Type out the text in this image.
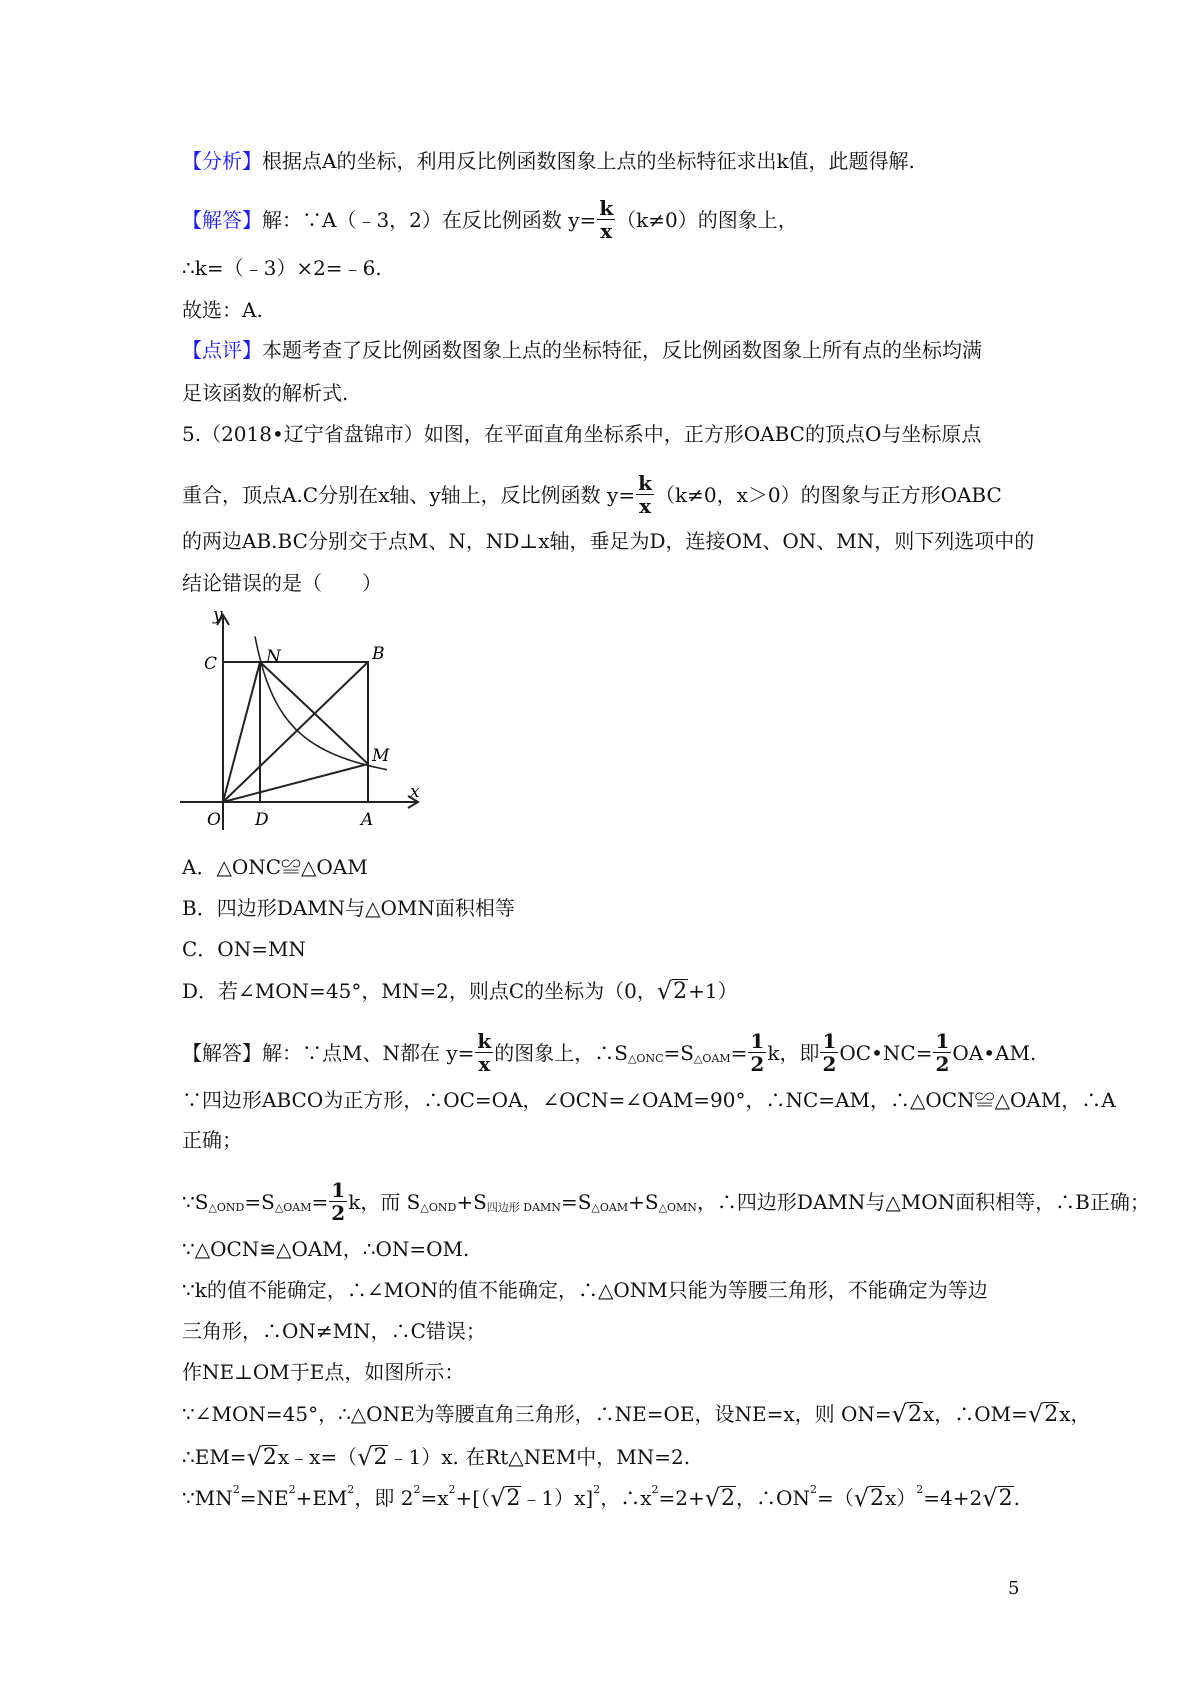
【分析】 根据点A的坐标，利用反比例函数图象上点的坐标特征求出k值，此题得解.
【解答】 解：∵A（﹣3，2）在反比例函数 $y= \frac{k}{x} (k\ne 0)$的图象上，
∴k=（﹣3）×2=﹣6.
故选：A.
【点评】 本题考查了反比例函数图象上点的坐标特征，反比例函数图象上所有点的坐标均满
足该函数的解析式.
5.（2018•辽宁省盘锦市）如图，在平面直角坐标系中，正方形OABC的顶点O与坐标原点
重合，顶点A.C分别在x轴、y轴上，反比例函数 $y= \frac{k}{x} (k\ne 0$，x＞0）的图象与正方形OABC
的两边AB.BC分别交于点M、N，ND⊥x轴，垂足为D，连接OM、ON、MN，则下列选项中的
结论错误的是（　　）
A．△ONC≌△OAM
B．四边形DAMN与△OMN面积相等
C．ON=MN
D．若∠MON=45°，MN=2，则点C的坐标为（0， √ 2 +1）
【解答】解：∵点M、N都在 $y= \frac{k}{x}$ 的图象上，∴S △ONC =S △OAM = $\frac{1}{2}$ k，即 $\frac{1}{2}$ OC•NC= $\frac{1}{2}$ OA•AM.
∵四边形ABCO为正方形，∴OC=OA，∠OCN=∠OAM=90°，∴NC=AM，∴△OCN≌△OAM，∴A
正确；
∵S △OND =S △OAM = $\frac{1}{2}$ k，而 S △OND +S 四边形 DAMN =S △OAM +S △OMN ，∴四边形DAMN与△MON面积相等，∴B正确；
∵△OCN≌△OAM，∴ON=OM.
∵k的值不能确定，∴∠MON的值不能确定，∴△ONM只能为等腰三角形，不能确定为等边
三角形，∴ON≠MN，∴C错误；
作NE⊥OM于E点，如图所示：
∵∠MON=45°，∴△ONE为等腰直角三角形，∴NE=OE，设NE=x，则 ON= √ 2 x，∴OM= √ 2 x，
∴EM= √ 2 x﹣x=（ √ 2 ﹣1）x. 在Rt△NEM中，MN=2.
∵MN 2 =NE 2 +EM 2 ，即 2 2 =x 2 +[（ √ 2 ﹣1）x] 2 ，∴x 2 =2+ √ 2 ，∴ON 2 =（ √ 2 x） 2 =4+2 √ 2 .
y
x
C	N	B
M
O D	A
5
